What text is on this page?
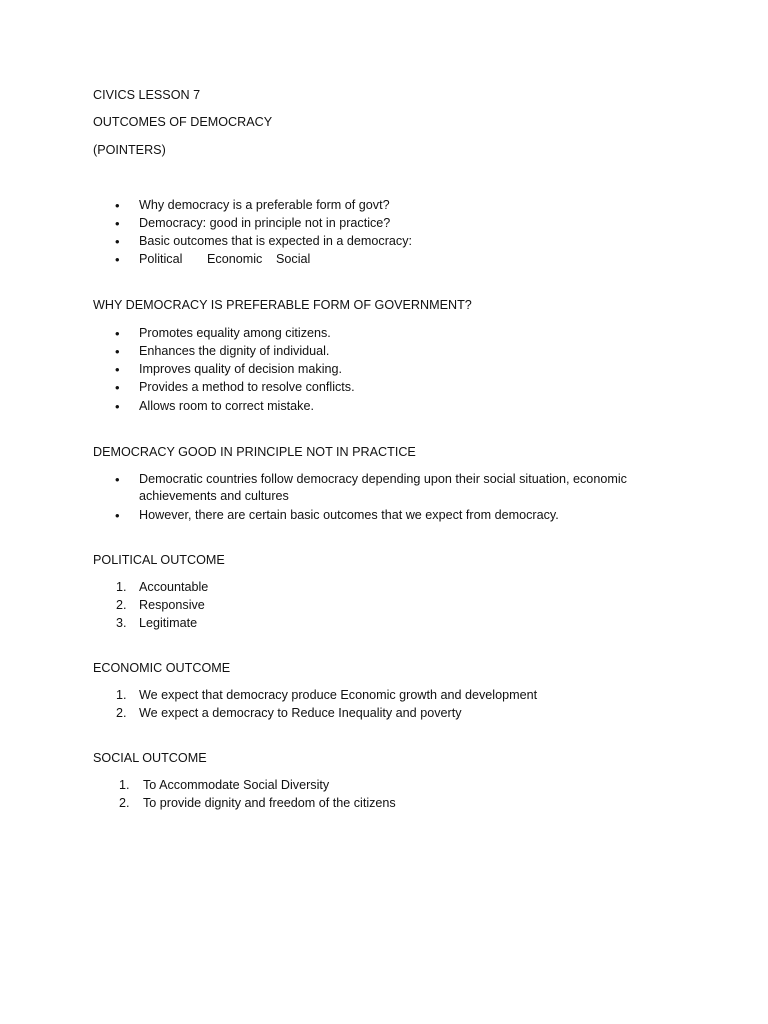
CIVICS LESSON 7
OUTCOMES OF DEMOCRACY
(POINTERS)
• Why democracy is a preferable form of govt?
• Democracy: good in principle not in practice?
• Basic outcomes that is expected in a democracy:
• Political Economic Social
WHY DEMOCRACY IS PREFERABLE FORM OF GOVERNMENT?
• Promotes equality among citizens.
• Enhances the dignity of individual.
• Improves quality of decision making.
• Provides a method to resolve conflicts.
• Allows room to correct mistake.
DEMOCRACY GOOD IN PRINCIPLE NOT IN PRACTICE
• Democratic countries follow democracy depending upon their social situation, economic achievements and cultures
• However, there are certain basic outcomes that we expect from democracy.
POLITICAL OUTCOME
1. Accountable
2. Responsive
3. Legitimate
ECONOMIC OUTCOME
1. We expect that democracy produce Economic growth and development
2. We expect a democracy to Reduce Inequality and poverty
SOCIAL OUTCOME
1. To Accommodate Social Diversity
2. To provide dignity and freedom of the citizens
